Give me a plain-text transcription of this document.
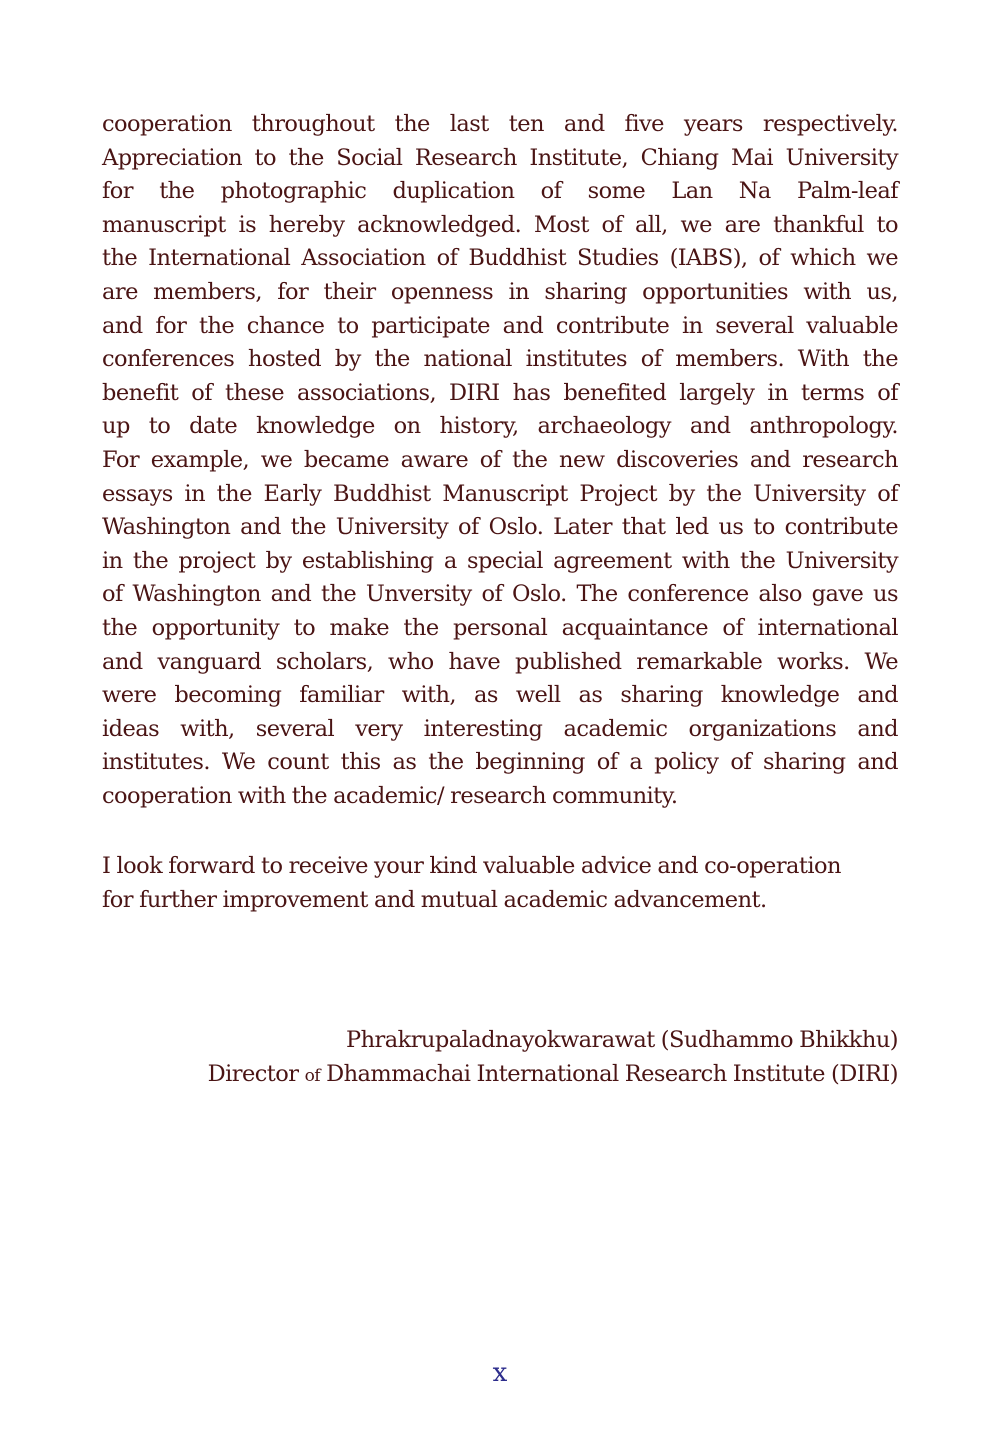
cooperation throughout the last ten and five years respectively.
Appreciation to the Social Research Institute, Chiang Mai University
for the photographic duplication of some Lan Na Palm-leaf
manuscript is hereby acknowledged. Most of all, we are thankful to
the International Association of Buddhist Studies (IABS), of which we
are members, for their openness in sharing opportunities with us,
and for the chance to participate and contribute in several valuable
conferences hosted by the national institutes of members. With the
benefit of these associations, DIRI has benefited largely in terms of
up to date knowledge on history, archaeology and anthropology.
For example, we became aware of the new discoveries and research
essays in the Early Buddhist Manuscript Project by the University of
Washington and the University of Oslo. Later that led us to contribute
in the project by establishing a special agreement with the University
of Washington and the Unversity of Oslo. The conference also gave us
the opportunity to make the personal acquaintance of international
and vanguard scholars, who have published remarkable works. We
were becoming familiar with, as well as sharing knowledge and
ideas with, several very interesting academic organizations and
institutes. We count this as the beginning of a policy of sharing and
cooperation with the academic/ research community.
I look forward to receive your kind valuable advice and co-operation
for further improvement and mutual academic advancement.
Phrakrupaladnayokwarawat (Sudhammo Bhikkhu)
Director of Dhammachai International Research Institute (DIRI)
x
